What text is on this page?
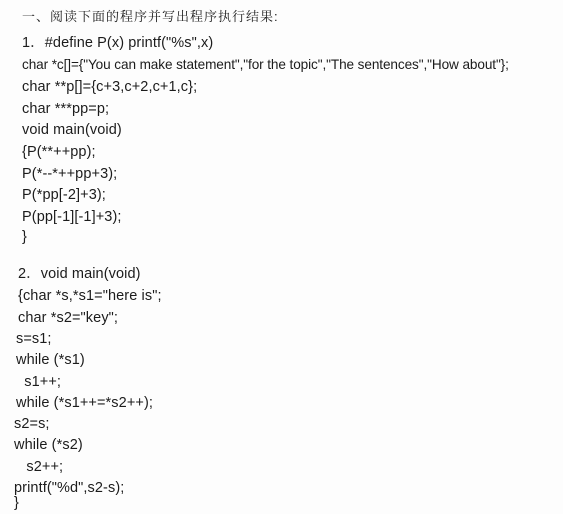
一、阅读下面的程序并写出程序执行结果:
1．#define P(x) printf("%s",x)
char *c[]={"You can make statement","for the topic","The sentences","How about"};
char **p[]={c+3,c+2,c+1,c};
char ***pp=p;
void main(void)
{P(**++pp);
P(*--*++pp+3);
P(*pp[-2]+3);
P(pp[-1][-1]+3);
}
2．void main(void)
{char *s,*s1="here is";
char *s2="key";
s=s1;
while (*s1)
s1++;
while (*s1++=*s2++);
s2=s;
while (*s2)
s2++;
printf("%d",s2-s);
}
